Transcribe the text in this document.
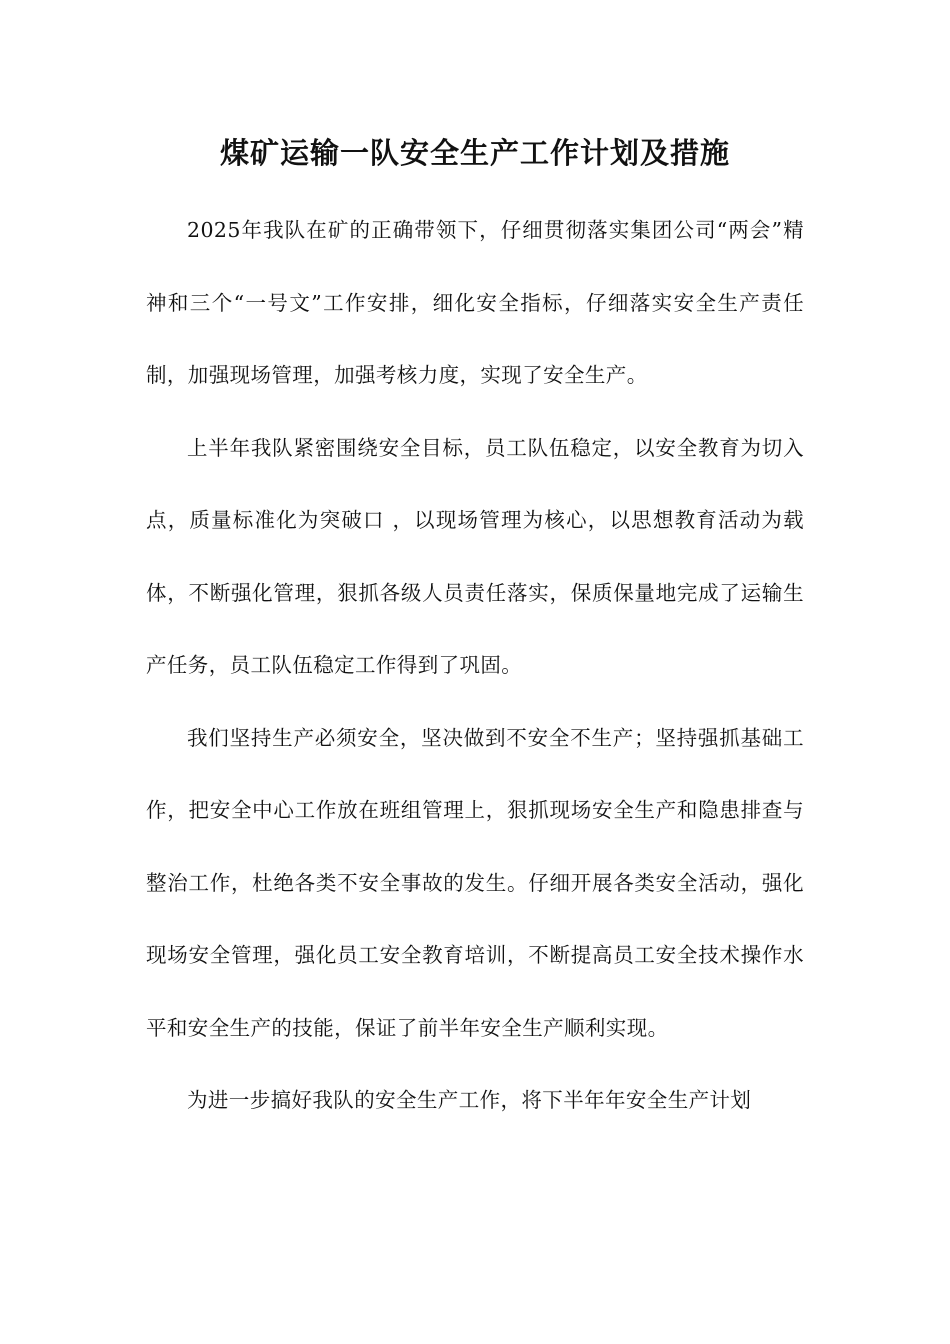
煤矿运输一队安全生产工作计划及措施

2025年我队在矿的正确带领下，仔细贯彻落实集团公司“两会”精神和三个“一号文”工作安排，细化安全指标，仔细落实安全生产责任制，加强现场管理，加强考核力度，实现了安全生产。

上半年我队紧密围绕安全目标，员工队伍稳定，以安全教育为切入点，质量标准化为突破口 ，以现场管理为核心，以思想教育活动为载体，不断强化管理，狠抓各级人员责任落实，保质保量地完成了运输生产任务，员工队伍稳定工作得到了巩固。

我们坚持生产必须安全，坚决做到不安全不生产；坚持强抓基础工作，把安全中心工作放在班组管理上，狠抓现场安全生产和隐患排查与整治工作，杜绝各类不安全事故的发生。仔细开展各类安全活动，强化现场安全管理，强化员工安全教育培训，不断提高员工安全技术操作水平和安全生产的技能，保证了前半年安全生产顺利实现。

为进一步搞好我队的安全生产工作，将下半年年安全生产计划
